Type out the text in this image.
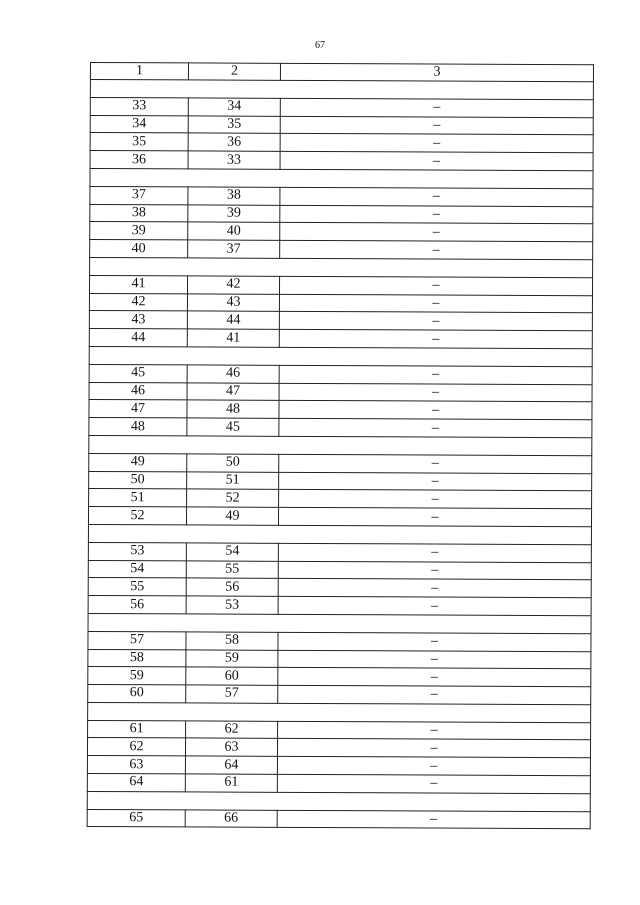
67
1	2	3

33	34	–
34	35	–
35	36	–
36	33	–

37	38	–
38	39	–
39	40	–
40	37	–

41	42	–
42	43	–
43	44	–
44	41	–

45	46	–
46	47	–
47	48	–
48	45	–

49	50	–
50	51	–
51	52	–
52	49	–

53	54	–
54	55	–
55	56	–
56	53	–

57	58	–
58	59	–
59	60	–
60	57	–

61	62	–
62	63	–
63	64	–
64	61	–

65	66	–
